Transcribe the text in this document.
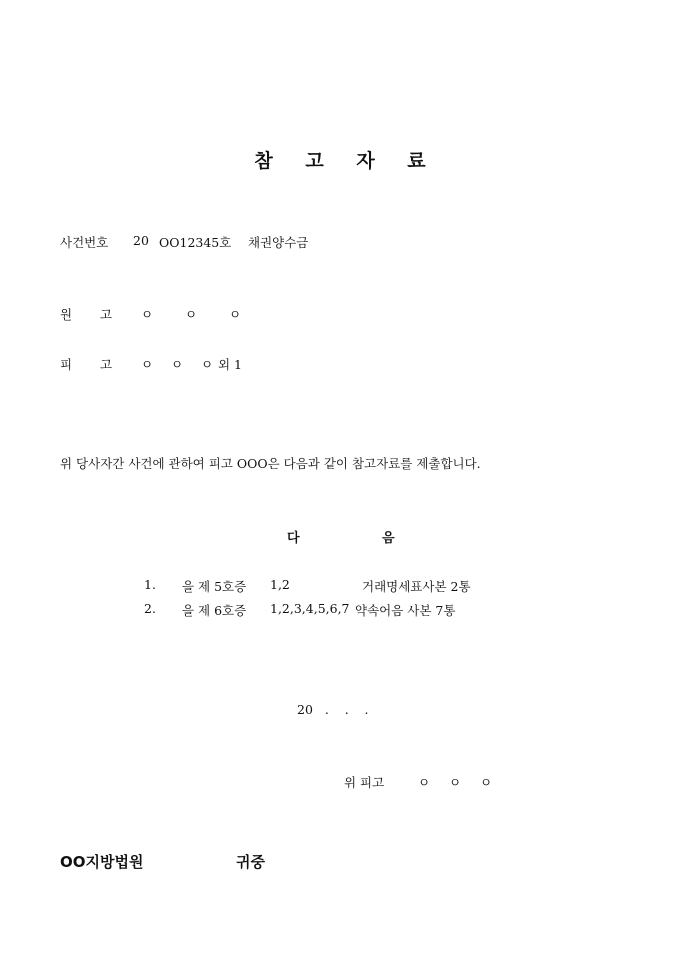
참 고 자 료
사건번호 20 OO12345호 채권양수금
원 고 ㅇ	ㅇ	ㅇ
피 고 ㅇ ㅇ ㅇ 외 1
위 당사자간 사건에 관하여 피고 OOO은 다음과 같이 참고자료를 제출합니다.
다	음
1. 을 제 5호증 1,2	거래명세표사본 2통
2. 을 제 6호증 1,2,3,4,5,6,7 약속어음 사본 7통
20   .    .    .
위 피고	ㅇ ㅇ ㅇ
OO지방법원	귀중
